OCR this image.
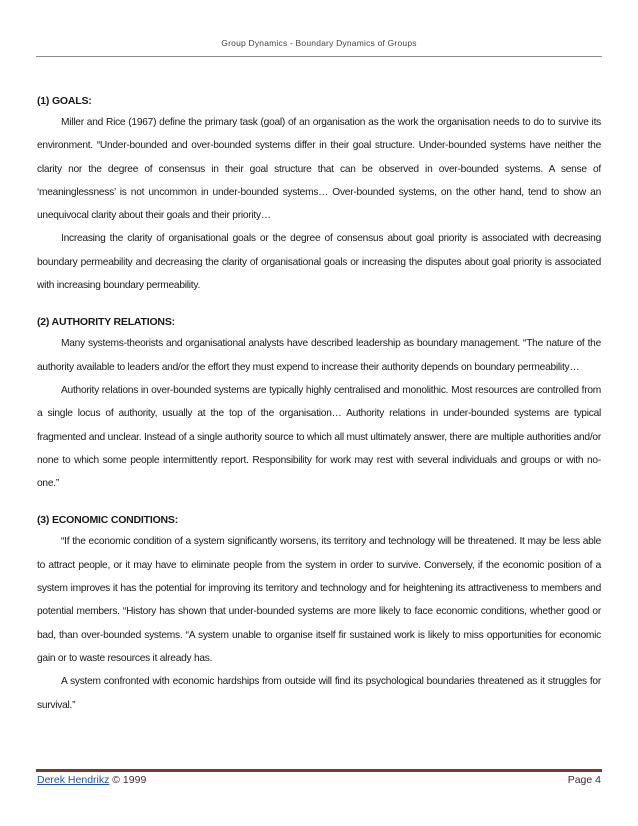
Group Dynamics - Boundary Dynamics of Groups

(1) GOALS:

Miller and Rice (1967) define the primary task (goal) of an organisation as the work the organisation needs to do to survive its environment. “Under-bounded and over-bounded systems differ in their goal structure. Under-bounded systems have neither the clarity nor the degree of consensus in their goal structure that can be observed in over-bounded systems. A sense of ‘meaninglessness’ is not uncommon in under-bounded systems… Over-bounded systems, on the other hand, tend to show an unequivocal clarity about their goals and their priority…

Increasing the clarity of organisational goals or the degree of consensus about goal priority is associated with decreasing boundary permeability and decreasing the clarity of organisational goals or increasing the disputes about goal priority is associated with increasing boundary permeability.

(2) AUTHORITY RELATIONS:

Many systems-theorists and organisational analysts have described leadership as boundary management. “The nature of the authority available to leaders and/or the effort they must expend to increase their authority depends on boundary permeability…

Authority relations in over-bounded systems are typically highly centralised and monolithic. Most resources are controlled from a single locus of authority, usually at the top of the organisation… Authority relations in under-bounded systems are typical fragmented and unclear. Instead of a single authority source to which all must ultimately answer, there are multiple authorities and/or none to which some people intermittently report. Responsibility for work may rest with several individuals and groups or with no-one.”

(3) ECONOMIC CONDITIONS:

“If the economic condition of a system significantly worsens, its territory and technology will be threatened. It may be less able to attract people, or it may have to eliminate people from the system in order to survive. Conversely, if the economic position of a system improves it has the potential for improving its territory and technology and for heightening its attractiveness to members and potential members. “History has shown that under-bounded systems are more likely to face economic conditions, whether good or bad, than over-bounded systems. “A system unable to organise itself fir sustained work is likely to miss opportunities for economic gain or to waste resources it already has.

A system confronted with economic hardships from outside will find its psychological boundaries threatened as it struggles for survival.”

Derek Hendrikz © 1999	Page 4
